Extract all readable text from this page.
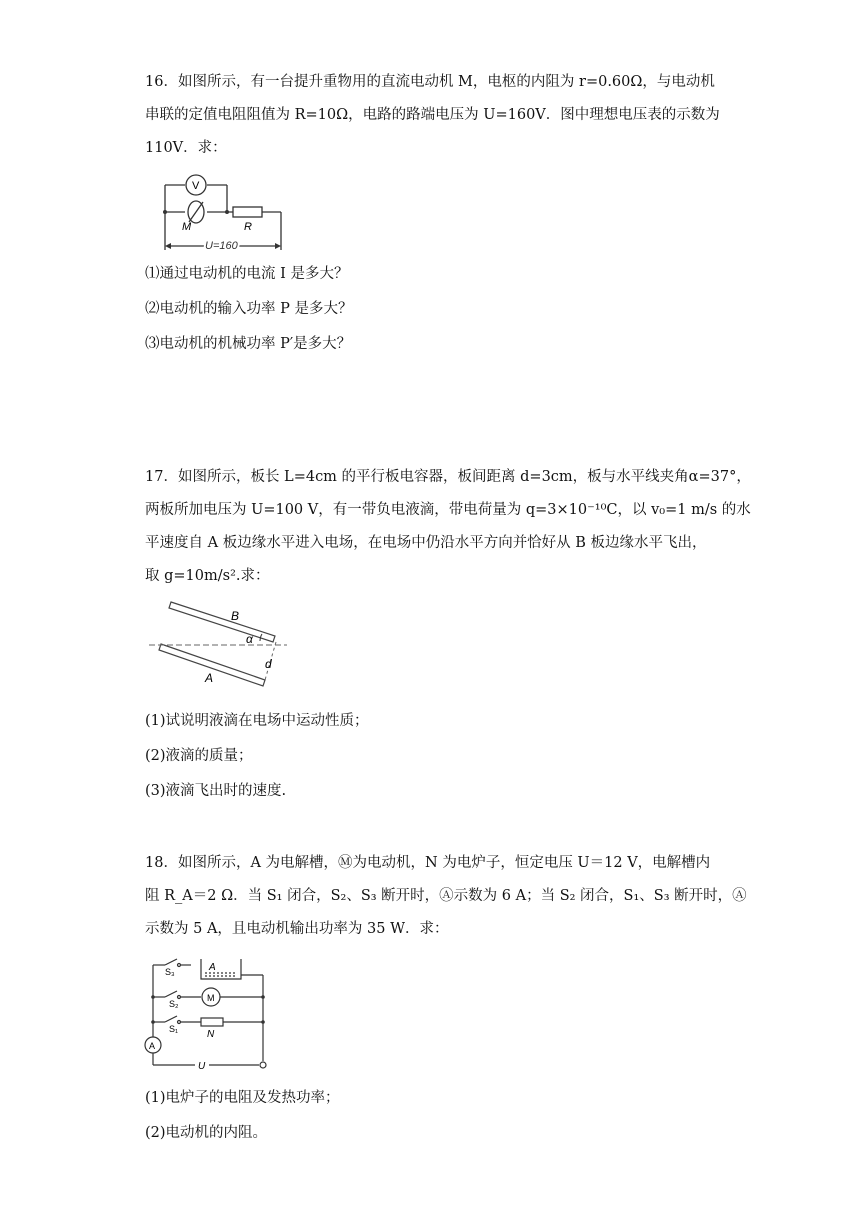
16．如图所示，有一台提升重物用的直流电动机 M，电枢的内阻为 r=0.60Ω，与电动机
串联的定值电阻阻值为 R=10Ω，电路的路端电压为 U=160V．图中理想电压表的示数为
110V．求：
V
M	R
U=160
⑴通过电动机的电流 I 是多大？
⑵电动机的输入功率 P 是多大？
⑶电动机的机械功率 P′是多大？
17．如图所示，板长 L=4cm 的平行板电容器，板间距离 d=3cm，板与水平线夹角α=37°，
两板所加电压为 U=100 V，有一带负电液滴，带电荷量为 q=3×10⁻¹⁰C，以 v₀=1 m/s 的水
平速度自 A 板边缘水平进入电场，在电场中仍沿水平方向并恰好从 B 板边缘水平飞出，
取 g=10m/s².求：
B
A
α
d
(1)试说明液滴在电场中运动性质；
(2)液滴的质量；
(3)液滴飞出时的速度.
18．如图所示，A 为电解槽，Ⓜ为电动机，N 为电炉子，恒定电压 U＝12 V，电解槽内
阻 R_A＝2 Ω．当 S₁ 闭合，S₂、S₃ 断开时，Ⓐ示数为 6 A；当 S₂ 闭合，S₁、S₃ 断开时，Ⓐ
示数为 5 A，且电动机输出功率为 35 W．求：
S₃	A
S₂
M
S₁	N
A
U
(1)电炉子的电阻及发热功率；
(2)电动机的内阻。
